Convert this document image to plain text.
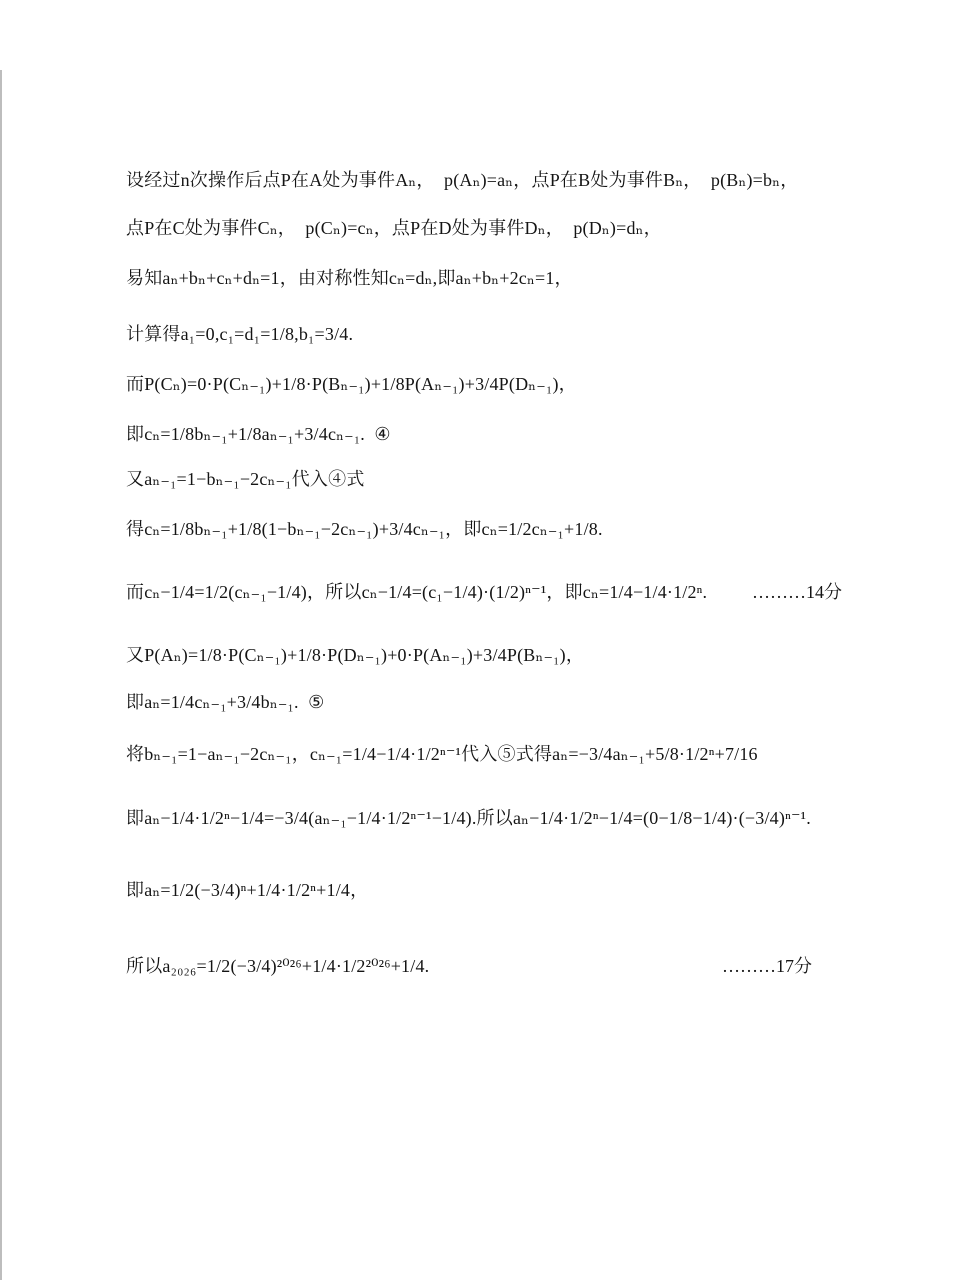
设经过n次操作后点P在A处为事件Aₙ，  p(Aₙ)=aₙ，点P在B处为事件Bₙ，  p(Bₙ)=bₙ，
点P在C处为事件Cₙ，  p(Cₙ)=cₙ，点P在D处为事件Dₙ，  p(Dₙ)=dₙ，
易知aₙ+bₙ+cₙ+dₙ=1，由对称性知cₙ=dₙ,即aₙ+bₙ+2cₙ=1，
计算得a₁=0,c₁=d₁=1/8,b₁=3/4.
而P(Cₙ)=0·P(Cₙ₋₁)+1/8·P(Bₙ₋₁)+1/8P(Aₙ₋₁)+3/4P(Dₙ₋₁)，
即cₙ=1/8bₙ₋₁+1/8aₙ₋₁+3/4cₙ₋₁.  ④
又aₙ₋₁=1−bₙ₋₁−2cₙ₋₁代入④式
得cₙ=1/8bₙ₋₁+1/8(1−bₙ₋₁−2cₙ₋₁)+3/4cₙ₋₁，即cₙ=1/2cₙ₋₁+1/8.
而cₙ−1/4=1/2(cₙ₋₁−1/4)，所以cₙ−1/4=(c₁−1/4)·(1/2)ⁿ⁻¹，即cₙ=1/4−1/4·1/2ⁿ. ………14分
又P(Aₙ)=1/8·P(Cₙ₋₁)+1/8·P(Dₙ₋₁)+0·P(Aₙ₋₁)+3/4P(Bₙ₋₁)，
即aₙ=1/4cₙ₋₁+3/4bₙ₋₁.  ⑤
将bₙ₋₁=1−aₙ₋₁−2cₙ₋₁，cₙ₋₁=1/4−1/4·1/2ⁿ⁻¹代入⑤式得aₙ=−3/4aₙ₋₁+5/8·1/2ⁿ+7/16
即aₙ−1/4·1/2ⁿ−1/4=−3/4(aₙ₋₁−1/4·1/2ⁿ⁻¹−1/4).所以aₙ−1/4·1/2ⁿ−1/4=(0−1/8−1/4)·(−3/4)ⁿ⁻¹.
即aₙ=1/2(−3/4)ⁿ+1/4·1/2ⁿ+1/4，
所以a₂₀₂₆=1/2(−3/4)²⁰²⁶+1/4·1/2²⁰²⁶+1/4.	………17分
